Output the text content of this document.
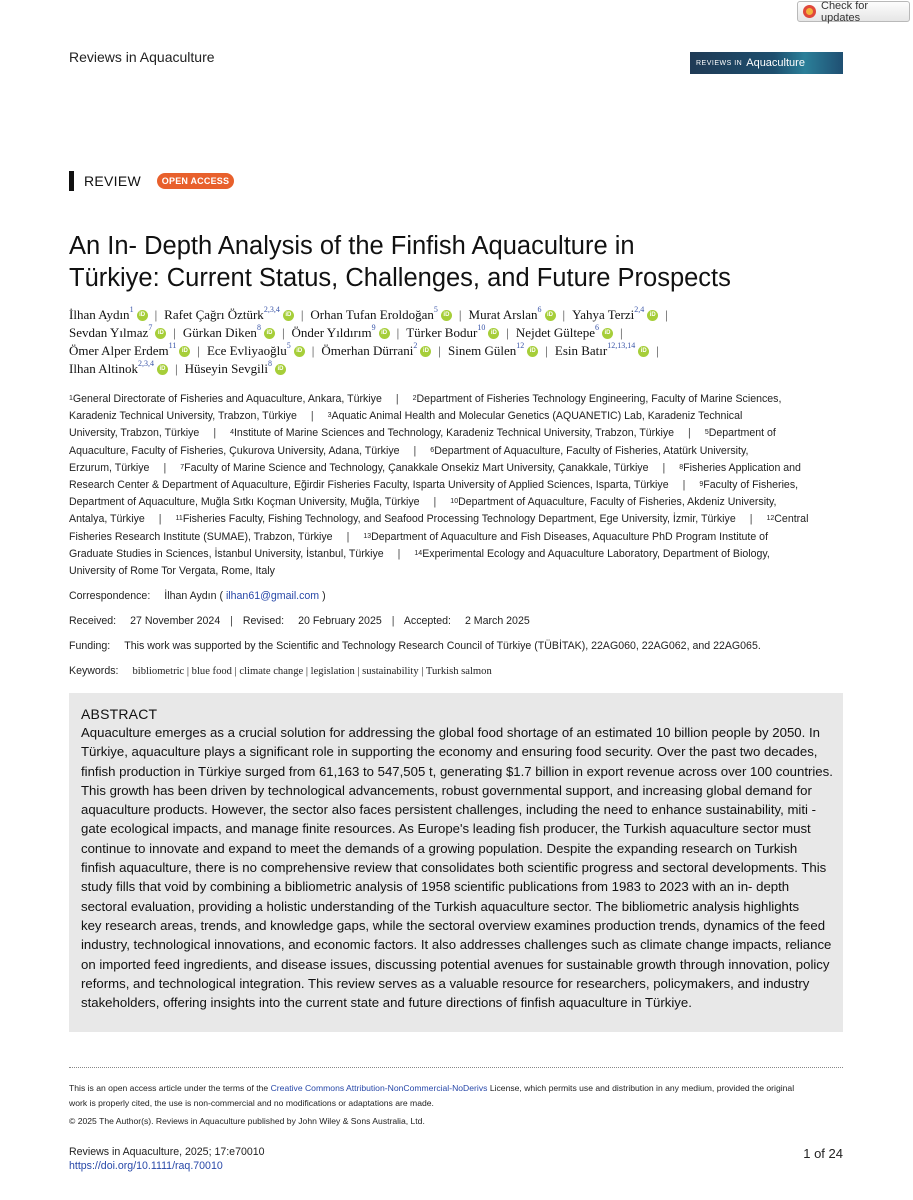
Check for updates
Reviews in Aquaculture	REVIEWS IN Aquaculture
REVIEW	OPEN ACCESS
An In- Depth Analysis of the Finfish Aquaculture in
Türkiye: Current Status, Challenges, and Future Prospects
İlhan Aydın$^1$iD | Rafet Çağrı Öztürk$^{2,3,4}$iD | Orhan Tufan Eroldoğan$^5$iD | Murat Arslan$^6$iD | Yahya Terzi$^{2,4}$iD |
Sevdan Yılmaz$^7$iD | Gürkan Diken$^8$iD | Önder Yıldırım$^9$iD | Türker Bodur$^{10}$iD | Nejdet Gültepe$^6$iD |
Ömer Alper Erdem$^{11}$iD | Ece Evliyaoğlu$^5$iD | Ömerhan Dürrani$^2$iD | Sinem Gülen$^{12}$iD | Esin Batır$^{12,13,14}$iD |
Ilhan Altinok$^{2,3,4}$iD | Hüseyin Sevgili$^8$iD
$^1$General Directorate of Fisheries and Aquaculture, Ankara, Türkiye | $^2$Department of Fisheries Technology Engineering, Faculty of Marine Sciences,
Karadeniz Technical University, Trabzon, Türkiye | $^3$Aquatic Animal Health and Molecular Genetics (AQUANETIC) Lab, Karadeniz Technical
University, Trabzon, Türkiye | $^4$Institute of Marine Sciences and Technology, Karadeniz Technical University, Trabzon, Türkiye | $^5$Department of
Aquaculture, Faculty of Fisheries, Çukurova University, Adana, Türkiye | $^6$Department of Aquaculture, Faculty of Fisheries, Atatürk University,
Erzurum, Türkiye | $^7$Faculty of Marine Science and Technology, Çanakkale Onsekiz Mart University, Çanakkale, Türkiye | $^8$Fisheries Application and
Research Center & Department of Aquaculture, Eğirdir Fisheries Faculty, Isparta University of Applied Sciences, Isparta, Türkiye | $^9$Faculty of Fisheries,
Department of Aquaculture, Muğla Sıtkı Koçman University, Muğla, Türkiye | $^{10}$Department of Aquaculture, Faculty of Fisheries, Akdeniz University,
Antalya, Türkiye | $^{11}$Fisheries Faculty, Fishing Technology, and Seafood Processing Technology Department, Ege University, İzmir, Türkiye | $^{12}$Central
Fisheries Research Institute (SUMAE), Trabzon, Türkiye | $^{13}$Department of Aquaculture and Fish Diseases, Aquaculture PhD Program Institute of
Graduate Studies in Sciences, İstanbul University, İstanbul, Türkiye | $^{14}$Experimental Ecology and Aquaculture Laboratory, Department of Biology,
University of Rome Tor Vergata, Rome, Italy
Correspondence: İlhan Aydın ( ilhan61@gmail.com )
Received: 27 November 2024 | Revised: 20 February 2025 | Accepted: 2 March 2025
Funding: This work was supported by the Scientific and Technology Research Council of Türkiye (TÜBİTAK), 22AG060, 22AG062, and 22AG065.
Keywords: bibliometric | blue food | climate change | legislation | sustainability | Turkish salmon
ABSTRACT
Aquaculture emerges as a crucial solution for addressing the global food shortage of an estimated 10 billion people by 2050. In
Türkiye, aquaculture plays a significant role in supporting the economy and ensuring food security. Over the past two decades,
finfish production in Türkiye surged from 61,163 to 547,505 t, generating $1.7 billion in export revenue across over 100 countries.
This growth has been driven by technological advancements, robust governmental support, and increasing global demand for
aquaculture products. However, the sector also faces persistent challenges, including the need to enhance sustainability, miti -
gate ecological impacts, and manage finite resources. As Europe's leading fish producer, the Turkish aquaculture sector must
continue to innovate and expand to meet the demands of a growing population. Despite the expanding research on Turkish
finfish aquaculture, there is no comprehensive review that consolidates both scientific progress and sectoral developments. This
study fills that void by combining a bibliometric analysis of 1958 scientific publications from 1983 to 2023 with an in- depth
sectoral evaluation, providing a holistic understanding of the Turkish aquaculture sector. The bibliometric analysis highlights
key research areas, trends, and knowledge gaps, while the sectoral overview examines production trends, dynamics of the feed
industry, technological innovations, and economic factors. It also addresses challenges such as climate change impacts, reliance
on imported feed ingredients, and disease issues, discussing potential avenues for sustainable growth through innovation, policy
reforms, and technological integration. This review serves as a valuable resource for researchers, policymakers, and industry
stakeholders, offering insights into the current state and future directions of finfish aquaculture in Türkiye.
This is an open access article under the terms of the Creative Commons Attribution-NonCommercial-NoDerivs License, which permits use and distribution in any medium, provided the original
work is properly cited, the use is non-commercial and no modifications or adaptations are made.
© 2025 The Author(s). Reviews in Aquaculture published by John Wiley & Sons Australia, Ltd.
Reviews in Aquaculture, 2025; 17:e70010
https://doi.org/10.1111/raq.70010
1 of 24
